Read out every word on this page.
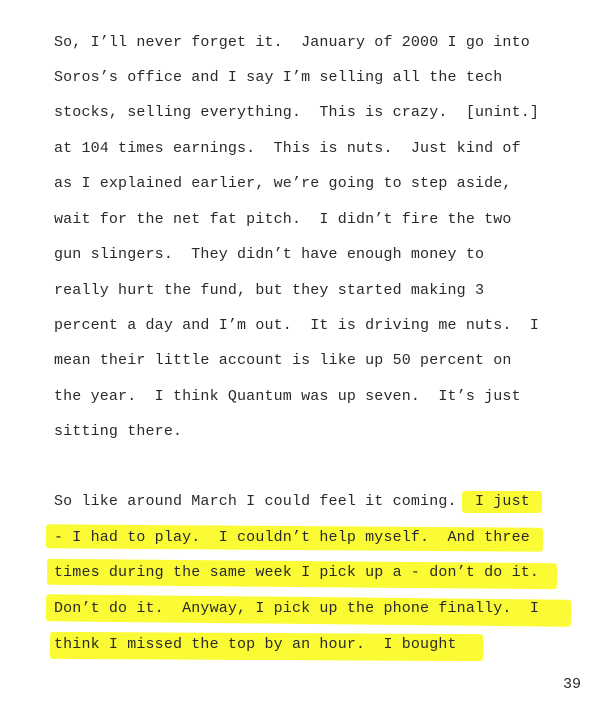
So, I’ll never forget it.  January of 2000 I go into
Soros’s office and I say I’m selling all the tech
stocks, selling everything.  This is crazy.  [unint.]
at 104 times earnings.  This is nuts.  Just kind of
as I explained earlier, we’re going to step aside,
wait for the net fat pitch.  I didn’t fire the two
gun slingers.  They didn’t have enough money to
really hurt the fund, but they started making 3
percent a day and I’m out.  It is driving me nuts.  I
mean their little account is like up 50 percent on
the year.  I think Quantum was up seven.  It’s just
sitting there.
So like around March I could feel it coming.  I just
- I had to play.  I couldn’t help myself.  And three
times during the same week I pick up a - don’t do it.
Don’t do it.  Anyway, I pick up the phone finally.  I
think I missed the top by an hour.  I bought
39
